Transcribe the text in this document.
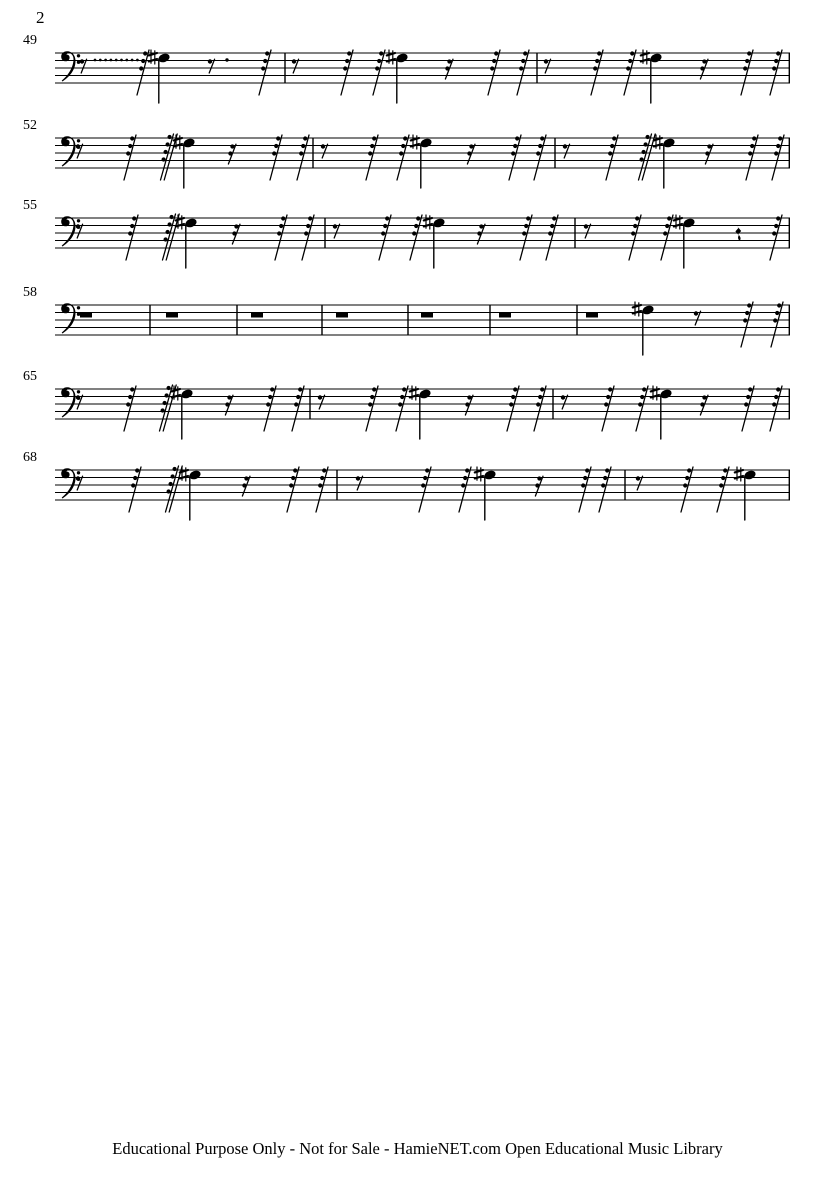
2
49
52
55
58
65
68
Educational Purpose Only - Not for Sale - HamieNET.com Open Educational Music Library
